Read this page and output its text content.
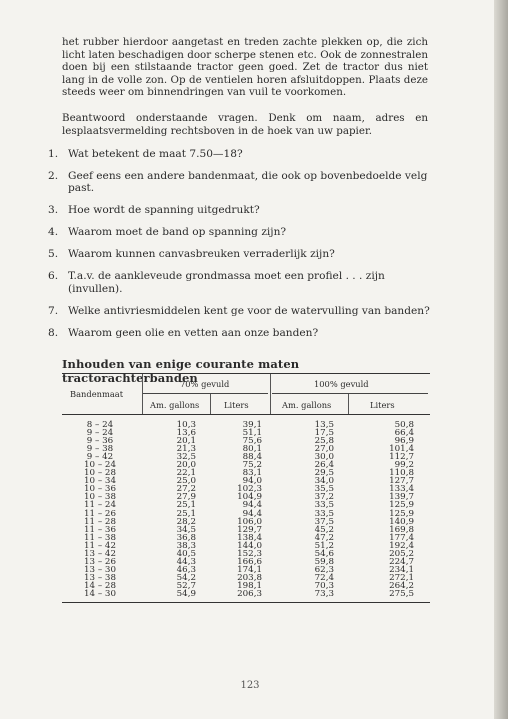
het rubber hierdoor aangetast en treden zachte plekken op, die zich licht laten beschadigen door scherpe stenen etc. Ook de zonnestralen doen bij een stilstaande tractor geen goed. Zet de tractor dus niet lang in de volle zon. Op de ventielen horen afsluitdoppen. Plaats deze steeds weer om binnendringen van vuil te voorkomen.

Beantwoord onderstaande vragen. Denk om naam, adres en lesplaatsvermelding rechtsboven in de hoek van uw papier.

1. Wat betekent de maat 7.50—18?
2. Geef eens een andere bandenmaat, die ook op bovenbedoelde velg past.
3. Hoe wordt de spanning uitgedrukt?
4. Waarom moet de band op spanning zijn?
5. Waarom kunnen canvasbreuken verraderlijk zijn?
6. T.a.v. de aankleveude grondmassa moet een profiel . . . zijn (invullen).
7. Welke antivriesmiddelen kent ge voor de watervulling van banden?
8. Waarom geen olie en vetten aan onze banden?
Inhouden van enige courante maten tractorachterbanden
Bandenmaat
70% gevuld	100% gevuld
Am. gallons	Liters	Am. gallons	Liters
8 – 24	10,3	39,1	13,5	50,8
9 – 24	13,6	51,1	17,5	66,4
9 – 36	20,1	75,6	25,8	96,9
9 – 38	21,3	80,1	27,0	101,4
9 – 42	32,5	88,4	30,0	112,7
10 – 24	20,0	75,2	26,4	99,2
10 – 28	22,1	83,1	29,5	110,8
10 – 34	25,0	94,0	34,0	127,7
10 – 36	27,2	102,3	35,5	133,4
10 – 38	27,9	104,9	37,2	139,7
11 – 24	25,1	94,4	33,5	125,9
11 – 26	25,1	94,4	33,5	125,9
11 – 28	28,2	106,0	37,5	140,9
11 – 36	34,5	129,7	45,2	169,8
11 – 38	36,8	138,4	47,2	177,4
11 – 42	38,3	144,0	51,2	192,4
13 – 42	40,5	152,3	54,6	205,2
13 – 26	44,3	166,6	59,8	224,7
13 – 30	46,3	174,1	62,3	234,1
13 – 38	54,2	203,8	72,4	272,1
14 – 28	52,7	198,1	70,3	264,2
14 – 30	54,9	206,3	73,3	275,5
123
